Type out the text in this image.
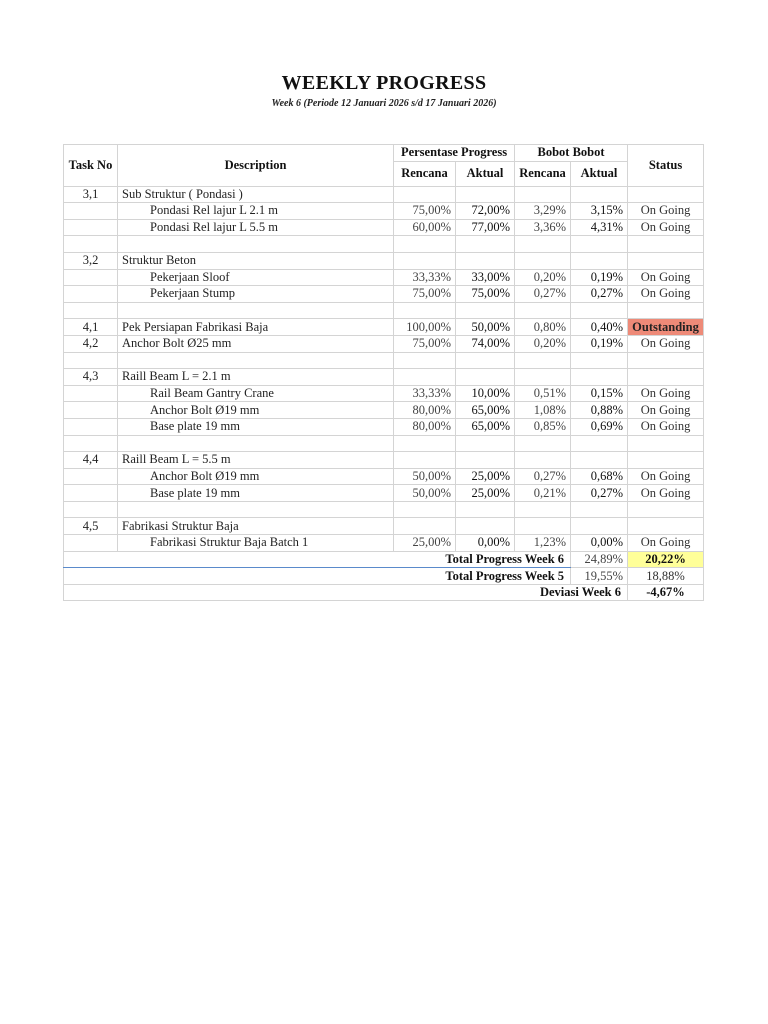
WEEKLY PROGRESS
Week 6 (Periode 12 Januari 2026 s/d 17 Januari 2026)
Task No	Description	Persentase Progress		Bobot Bobot		Status
		Rencana	Aktual	Rencana	Aktual	
3,1	Sub Struktur ( Pondasi )					
	Pondasi Rel lajur L 2.1 m	75,00%	72,00%	3,29%	3,15%	On Going
	Pondasi Rel lajur L 5.5 m	60,00%	77,00%	3,36%	4,31%	On Going

3,2	Struktur Beton					
	Pekerjaan Sloof	33,33%	33,00%	0,20%	0,19%	On Going
	Pekerjaan Stump	75,00%	75,00%	0,27%	0,27%	On Going

4,1	Pek Persiapan Fabrikasi Baja	100,00%	50,00%	0,80%	0,40%	Outstanding
4,2	Anchor Bolt Ø25 mm	75,00%	74,00%	0,20%	0,19%	On Going

4,3	Raill Beam L = 2.1 m					
	Rail Beam Gantry Crane	33,33%	10,00%	0,51%	0,15%	On Going
	Anchor Bolt Ø19 mm	80,00%	65,00%	1,08%	0,88%	On Going
	Base plate 19 mm	80,00%	65,00%	0,85%	0,69%	On Going

4,4	Raill Beam L = 5.5 m					
	Anchor Bolt Ø19 mm	50,00%	25,00%	0,27%	0,68%	On Going
	Base plate 19 mm	50,00%	25,00%	0,21%	0,27%	On Going

4,5	Fabrikasi Struktur Baja					
	Fabrikasi Struktur Baja Batch 1	25,00%	0,00%	1,23%	0,00%	On Going
Total Progress Week 6					24,89%	20,22%
Total Progress Week 5					19,55%	18,88%
Deviasi Week 6						-4,67%
